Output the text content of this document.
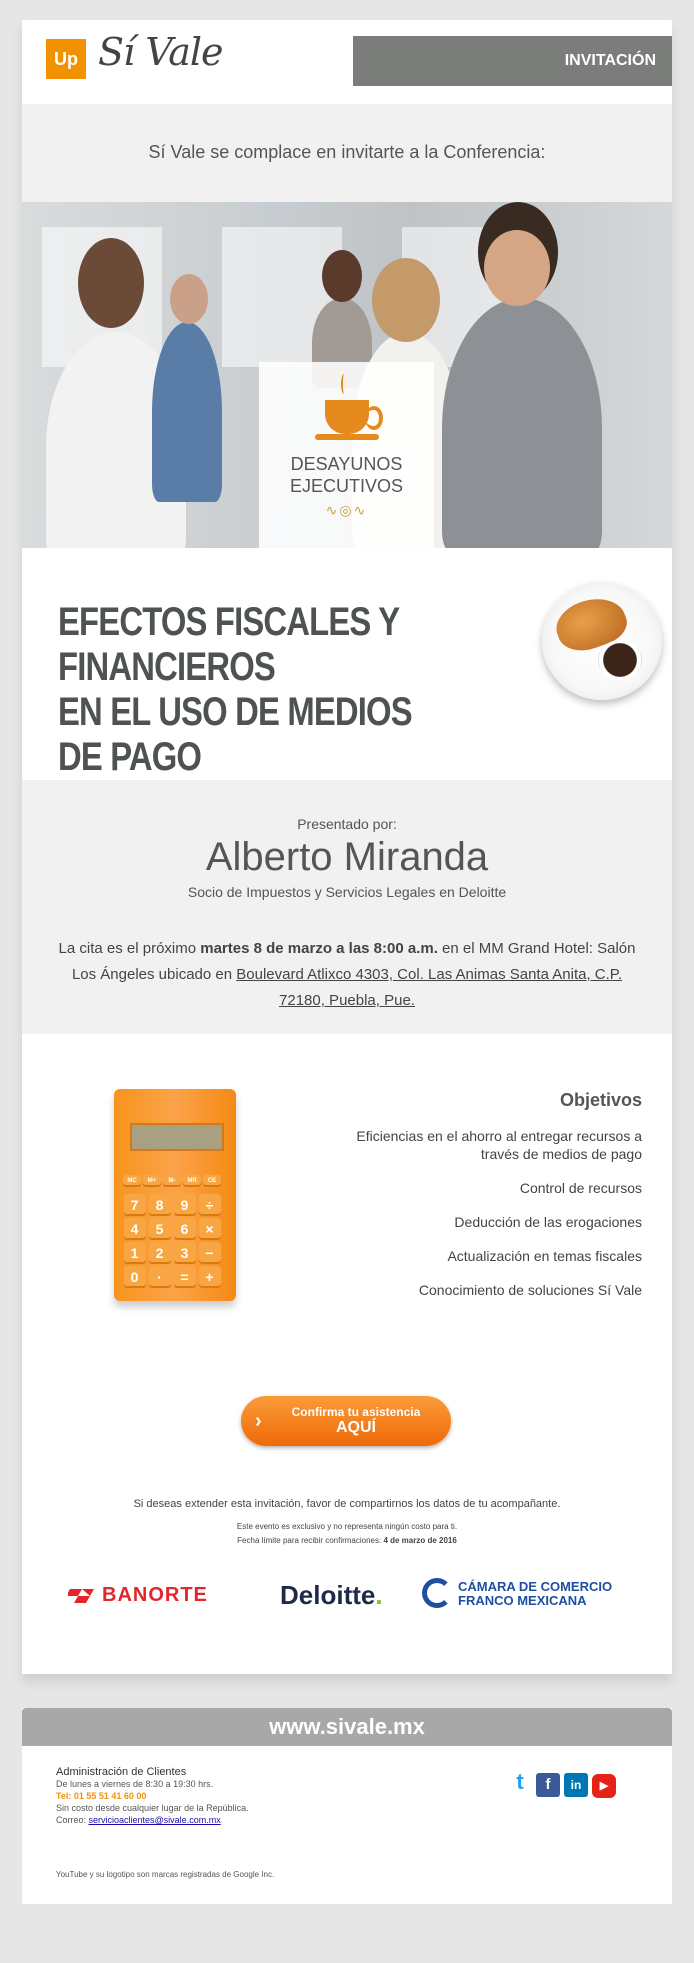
Up Sí Vale	INVITACIÓN

Sí Vale se complace en invitarte a la Conferencia:

DESAYUNOS
EJECUTIVOS
∿◎∿
EFECTOS FISCALES Y FINANCIEROS
EN EL USO DE MEDIOS DE PAGO
Presentado por:
Alberto Miranda
Socio de Impuestos y Servicios Legales en Deloitte
La cita es el próximo martes 8 de marzo a las 8:00 a.m. en el MM Grand Hotel: Salón Los Ángeles ubicado en Boulevard Atlixco 4303, Col. Las Animas Santa Anita, C.P. 72180, Puebla, Pue.
MC M+ M- MR CE7 8 9 ÷4 5 6 ×1 2 3 −0 · = +
Objetivos
Eficiencias en el ahorro al entregar recursos a través de medios de pago
Control de recursos
Deducción de las erogaciones
Actualización en temas fiscales
Conocimiento de soluciones Sí Vale
›	Confirma tu asistencia
AQUÍ
Si deseas extender esta invitación, favor de compartirnos los datos de tu acompañante.
Este evento es exclusivo y no representa ningún costo para ti.
Fecha límite para recibir confirmaciones: 4 de marzo de 2016
BANORTE	Deloitte.	CÁMARA DE COMERCIO
FRANCO MEXICANA
www.sivale.mx
Administración de Clientes
De lunes a viernes de 8:30 a 19:30 hrs.
Tel: 01 55 51 41 60 00
Sin costo desde cualquier lugar de la República.
Correo: servicioaclientes@sivale.com.mx
t f in ▶
YouTube y su logotipo son marcas registradas de Google Inc.
